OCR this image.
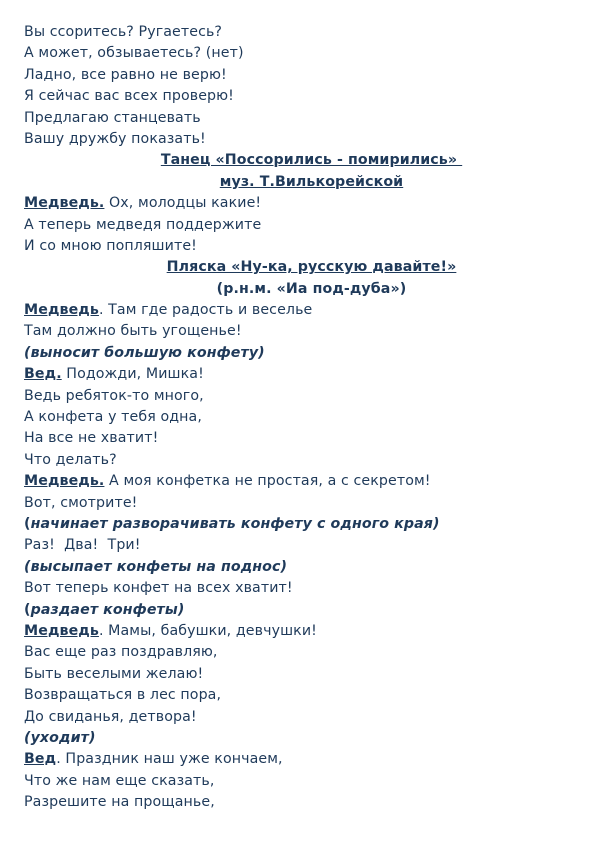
Вы ссоритесь? Ругаетесь?
А может, обзываетесь? (нет)
Ладно, все равно не верю!
Я сейчас вас всех проверю!
Предлагаю станцевать
Вашу дружбу показать!
Танец «Поссорились - помирились»
муз. Т.Вилькорейской
Медведь. Ох, молодцы какие!
А теперь медведя поддержите
И со мною попляшите!
Пляска «Ну-ка, русскую давайте!»
(р.н.м. «Иа под-дуба»)
Медведь. Там где радость и веселье
Там должно быть угощенье!
(выносит большую конфету)
Вед. Подожди, Мишка!
Ведь ребяток-то много,
А конфета у тебя одна,
На все не хватит!
Что делать?
Медведь. А моя конфетка не простая, а с секретом!
Вот, смотрите!
(начинает разворачивать конфету с одного края)
Раз!  Два!  Три!
(высыпает конфеты на поднос)
Вот теперь конфет на всех хватит!
(раздает конфеты)
Медведь. Мамы, бабушки, девчушки!
Вас еще раз поздравляю,
Быть веселыми желаю!
Возвращаться в лес пора,
До свиданья, детвора!
(уходит)
Вед. Праздник наш уже кончаем,
Что же нам еще сказать,
Разрешите на прощанье,
